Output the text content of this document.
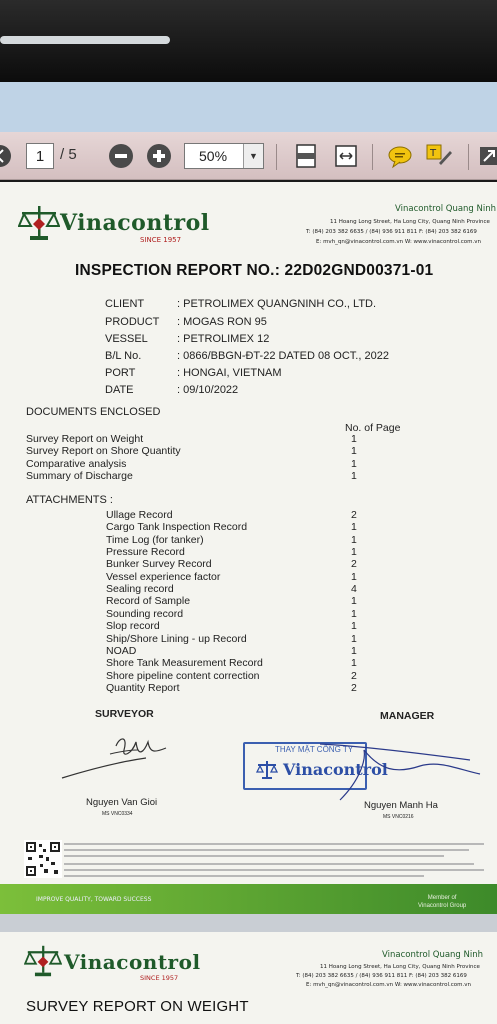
1	/ 5	50%	▼	T
Vinacontrol
SINCE 1957
Vinacontrol Quang Ninh
11 Hoang Long Street, Ha Long City, Quang Ninh Province
T: (84) 203 382 6635 / (84) 936 911 811 F: (84) 203 382 6169
E: mvh_qn@vinacontrol.com.vn W: www.vinacontrol.com.vn
INSPECTION REPORT NO.: 22D02GND00371-01
CLIENT	: PETROLIMEX QUANGNINH CO., LTD.
PRODUCT	: MOGAS RON 95
VESSEL	: PETROLIMEX 12
B/L No.	: 0866/BBGN-ĐT-22 DATED 08 OCT., 2022
PORT	: HONGAI, VIETNAM
DATE	: 09/10/2022
DOCUMENTS ENCLOSED
No. of Page
Survey Report on Weight	1
Survey Report on Shore Quantity	1
Comparative analysis	1
Summary of Discharge	1
ATTACHMENTS :
Ullage Record	2
Cargo Tank Inspection Record	1
Time Log (for tanker)	1
Pressure Record	1
Bunker Survey Record	2
Vessel experience factor	1
Sealing record	4
Record of Sample	1
Sounding record	1
Slop record	1
Ship/Shore Lining - up Record	1
NOAD	1
Shore Tank Measurement Record	1
Shore pipeline content correction	2
Quantity Report	2
SURVEYOR	MANAGER
THAY MẶT CÔNG TY
Vinacontrol
Nguyen Van Gioi
MS VNC0334
Nguyen Manh Ha
MS VNC0216
IMPROVE QUALITY, TOWARD SUCCESS	Member of
Vinacontrol Group
Vinacontrol
SINCE 1957
Vinacontrol Quang Ninh
11 Hoang Long Street, Ha Long City, Quang Ninh Province
T: (84) 203 382 6635 / (84) 936 911 811 F: (84) 203 382 6169
E: mvh_qn@vinacontrol.com.vn W: www.vinacontrol.com.vn
SURVEY REPORT ON WEIGHT
